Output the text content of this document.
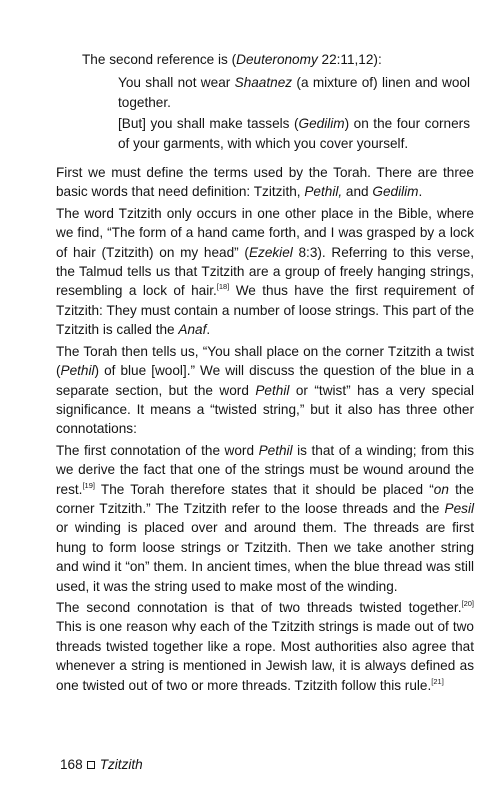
The second reference is (Deuteronomy 22:11,12):

You shall not wear Shaatnez (a mixture of) linen and wool together.

[But] you shall make tassels (Gedilim) on the four corners of your garments, with which you cover yourself.

First we must define the terms used by the Torah. There are three basic words that need definition: Tzitzith, Pethil, and Gedilim.

The word Tzitzith only occurs in one other place in the Bible, where we find, “The form of a hand came forth, and I was grasped by a lock of hair (Tzitzith) on my head” (Ezekiel 8:3). Referring to this verse, the Talmud tells us that Tzitzith are a group of freely hanging strings, resembling a lock of hair.[18] We thus have the first requirement of Tzitzith: They must contain a number of loose strings. This part of the Tzitzith is called the Anaf.

The Torah then tells us, “You shall place on the corner Tzitzith a twist (Pethil) of blue [wool].” We will discuss the question of the blue in a separate section, but the word Pethil or “twist” has a very special significance. It means a “twisted string,” but it also has three other connotations:

The first connotation of the word Pethil is that of a winding; from this we derive the fact that one of the strings must be wound around the rest.[19] The Torah therefore states that it should be placed “on the corner Tzitzith.” The Tzitzith refer to the loose threads and the Pesil or winding is placed over and around them. The threads are first hung to form loose strings or Tzitzith. Then we take another string and wind it “on” them. In ancient times, when the blue thread was still used, it was the string used to make most of the winding.

The second connotation is that of two threads twisted together.[20] This is one reason why each of the Tzitzith strings is made out of two threads twisted together like a rope. Most authorities also agree that whenever a string is mentioned in Jewish law, it is always defined as one twisted out of two or more threads. Tzitzith follow this rule.[21]

168 Tzitzith
